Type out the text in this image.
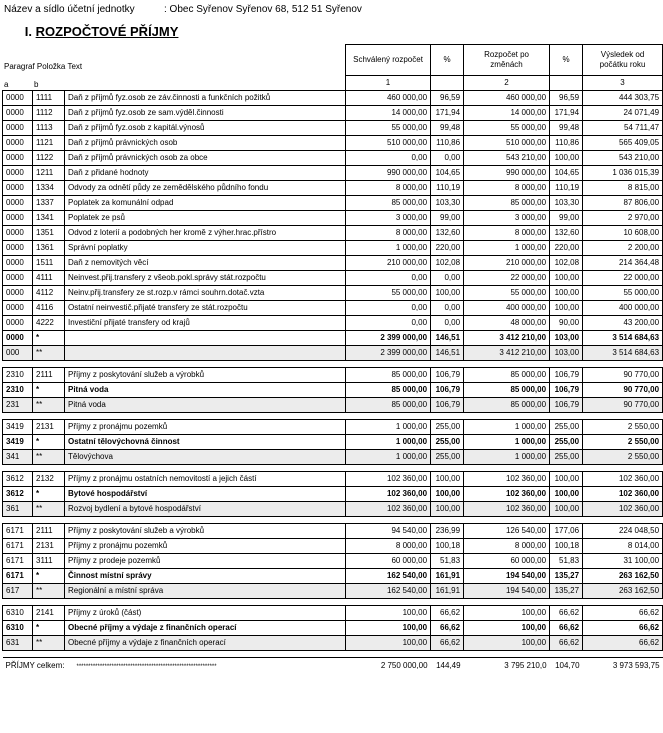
Název a sídlo účetní jednotky	: Obec Syřenov Syřenov 68, 512 51 Syřenov
I. ROZPOČTOVÉ PŘÍJMY
Paragraf Položka Text
a	b
			Schválený rozpočet	%	Rozpočet po změnách	%	Výsledek od počátku roku
			1		2		3
0000	1111	Daň z příjmů fyz.osob ze záv.činnosti a funkčních požitků	460 000,00	96,59	460 000,00	96,59	444 303,75
0000	1112	Daň z příjmů fyz.osob ze sam.výděl.činnosti	14 000,00	171,94	14 000,00	171,94	24 071,49
0000	1113	Daň z příjmů fyz.osob z kapitál.výnosů	55 000,00	99,48	55 000,00	99,48	54 711,47
0000	1121	Daň z příjmů právnických osob	510 000,00	110,86	510 000,00	110,86	565 409,05
0000	1122	Daň z příjmů právnických osob za obce	0,00	0,00	543 210,00	100,00	543 210,00
0000	1211	Daň z přidané hodnoty	990 000,00	104,65	990 000,00	104,65	1 036 015,39
0000	1334	Odvody za odnětí půdy ze zemědělského půdního fondu	8 000,00	110,19	8 000,00	110,19	8 815,00
0000	1337	Poplatek za komunální odpad	85 000,00	103,30	85 000,00	103,30	87 806,00
0000	1341	Poplatek ze psů	3 000,00	99,00	3 000,00	99,00	2 970,00
0000	1351	Odvod z loterií a podobných her kromě z výher.hrac.přístro	8 000,00	132,60	8 000,00	132,60	10 608,00
0000	1361	Správní poplatky	1 000,00	220,00	1 000,00	220,00	2 200,00
0000	1511	Daň z nemovitých věcí	210 000,00	102,08	210 000,00	102,08	214 364,48
0000	4111	Neinvest.přij.transfery z všeob.pokl.správy stát.rozpočtu	0,00	0,00	22 000,00	100,00	22 000,00
0000	4112	Neinv.přij.transfery ze st.rozp.v rámci souhrn.dotač.vzta	55 000,00	100,00	55 000,00	100,00	55 000,00
0000	4116	Ostatní neinvestič.přijaté transfery ze stát.rozpočtu	0,00	0,00	400 000,00	100,00	400 000,00
0000	4222	Investiční přijaté transfery od krajů	0,00	0,00	48 000,00	90,00	43 200,00
0000	*		2 399 000,00	146,51	3 412 210,00	103,00	3 514 684,63
000	**		2 399 000,00	146,51	3 412 210,00	103,00	3 514 684,63

2310	2111	Příjmy z poskytování služeb a výrobků	85 000,00	106,79	85 000,00	106,79	90 770,00
2310	*	Pitná voda	85 000,00	106,79	85 000,00	106,79	90 770,00
231	**	Pitná voda	85 000,00	106,79	85 000,00	106,79	90 770,00

3419	2131	Příjmy z pronájmu pozemků	1 000,00	255,00	1 000,00	255,00	2 550,00
3419	*	Ostatní tělovýchovná činnost	1 000,00	255,00	1 000,00	255,00	2 550,00
341	**	Tělovýchova	1 000,00	255,00	1 000,00	255,00	2 550,00

3612	2132	Příjmy z pronájmu ostatních nemovitostí a jejich částí	102 360,00	100,00	102 360,00	100,00	102 360,00
3612	*	Bytové hospodářství	102 360,00	100,00	102 360,00	100,00	102 360,00
361	**	Rozvoj bydlení a bytové hospodářství	102 360,00	100,00	102 360,00	100,00	102 360,00

6171	2111	Příjmy z poskytování služeb a výrobků	94 540,00	236,99	126 540,00	177,06	224 048,50
6171	2131	Příjmy z pronájmu pozemků	8 000,00	100,18	8 000,00	100,18	8 014,00
6171	3111	Příjmy z prodeje pozemků	60 000,00	51,83	60 000,00	51,83	31 100,00
6171	*	Činnost místní správy	162 540,00	161,91	194 540,00	135,27	263 162,50
617	**	Regionální a místní správa	162 540,00	161,91	194 540,00	135,27	263 162,50

6310	2141	Příjmy z úroků (část)	100,00	66,62	100,00	66,62	66,62
6310	*	Obecné příjmy a výdaje z finančních operací	100,00	66,62	100,00	66,62	66,62
631	**	Obecné příjmy a výdaje z finančních operací	100,00	66,62	100,00	66,62	66,62

PŘÍJMY celkem: ************************************************************			2 750 000,00	144,49	3 795 210,0	104,70	3 973 593,75
